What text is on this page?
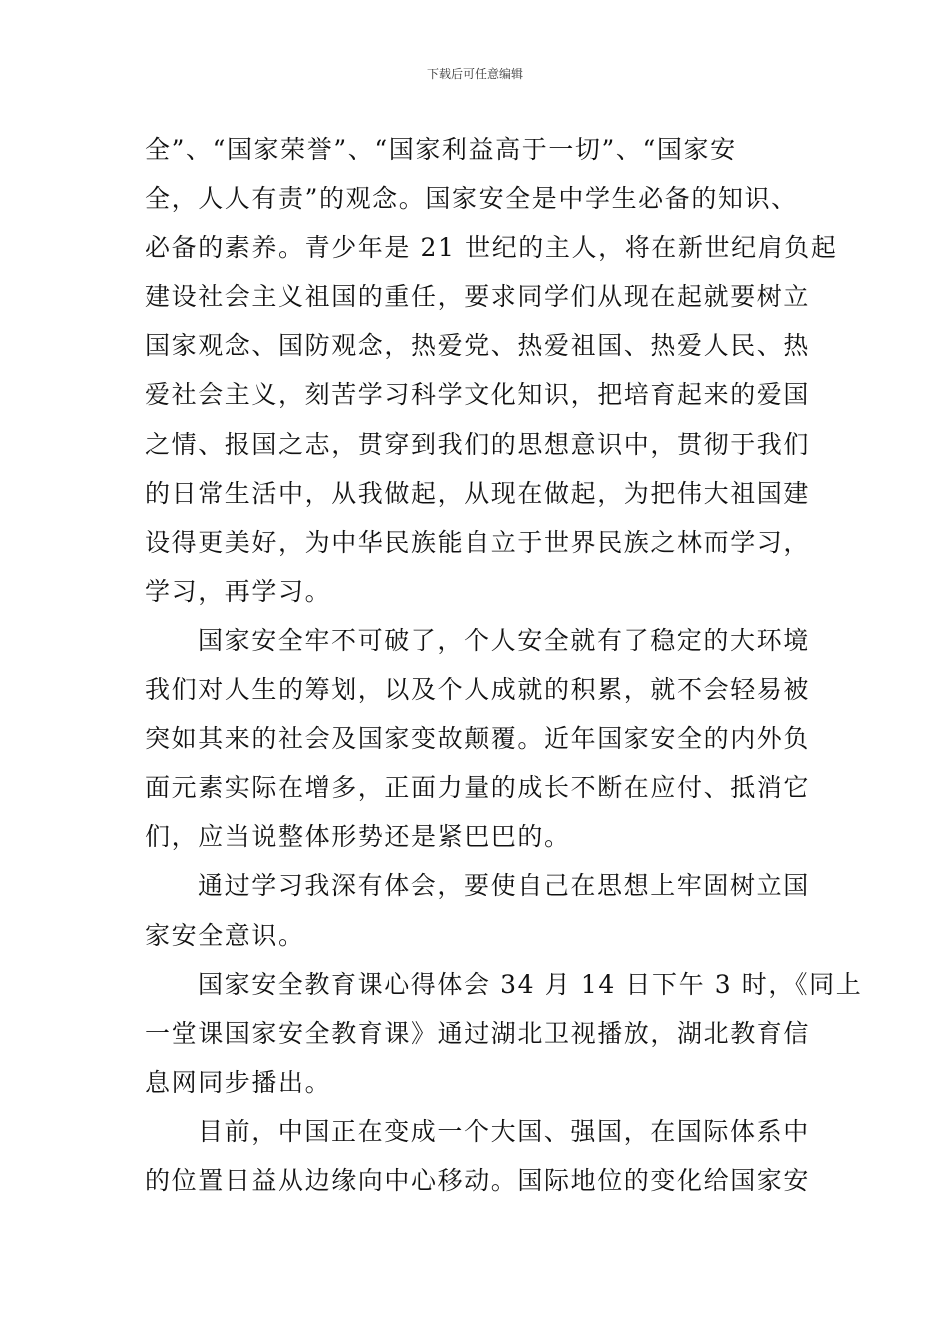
下载后可任意编辑
全”、“国家荣誉”、“国家利益高于一切”、“国家安
全，人人有责”的观念。国家安全是中学生必备的知识、
必备的素养。青少年是 21 世纪的主人，将在新世纪肩负起
建设社会主义祖国的重任，要求同学们从现在起就要树立
国家观念、国防观念，热爱党、热爱祖国、热爱人民、热
爱社会主义，刻苦学习科学文化知识，把培育起来的爱国
之情、报国之志，贯穿到我们的思想意识中，贯彻于我们
的日常生活中，从我做起，从现在做起，为把伟大祖国建
设得更美好，为中华民族能自立于世界民族之林而学习，
学习，再学习。
国家安全牢不可破了，个人安全就有了稳定的大环境
我们对人生的筹划，以及个人成就的积累，就不会轻易被
突如其来的社会及国家变故颠覆。近年国家安全的内外负
面元素实际在增多，正面力量的成长不断在应付、抵消它
们，应当说整体形势还是紧巴巴的。
通过学习我深有体会，要使自己在思想上牢固树立国
家安全意识。
国家安全教育课心得体会 34 月 14 日下午 3 时，《同上
一堂课国家安全教育课》通过湖北卫视播放，湖北教育信
息网同步播出。
目前，中国正在变成一个大国、强国，在国际体系中
的位置日益从边缘向中心移动。国际地位的变化给国家安
